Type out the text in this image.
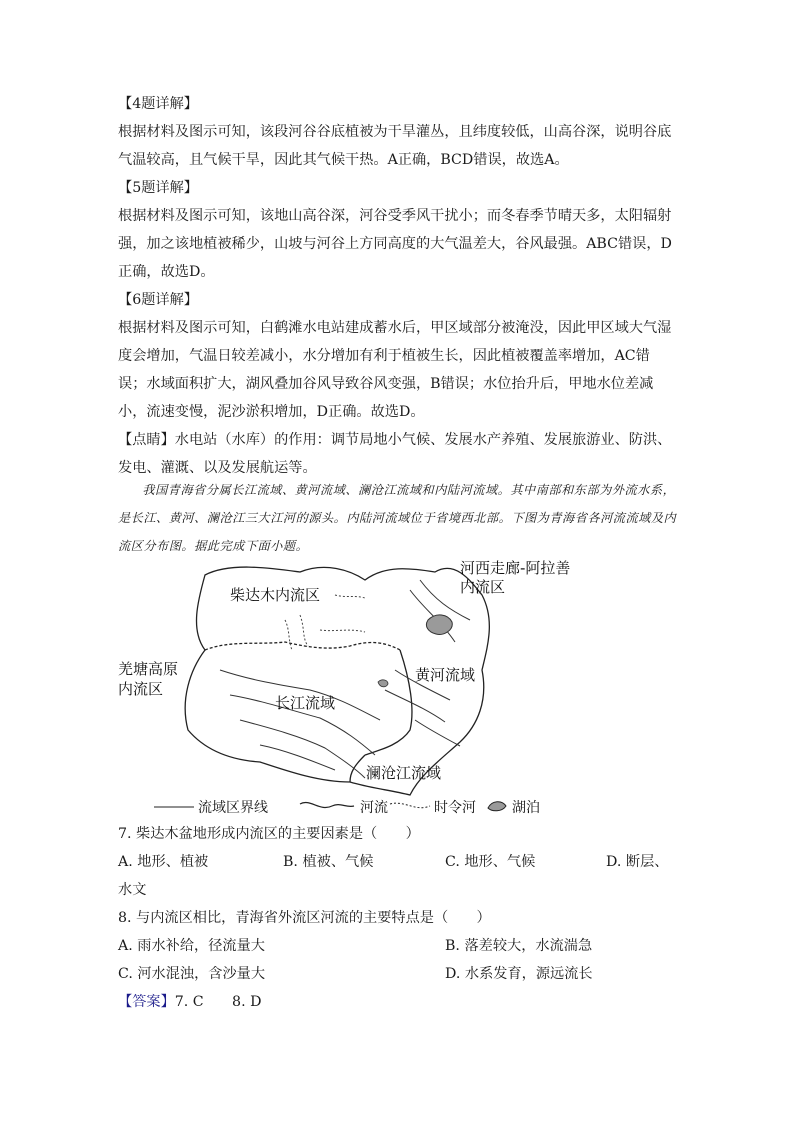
【4题详解】

根据材料及图示可知，该段河谷谷底植被为干旱灌丛，且纬度较低，山高谷深，说明谷底气温较高，且气候干旱，因此其气候干热。A正确，BCD错误，故选A。

【5题详解】

根据材料及图示可知，该地山高谷深，河谷受季风干扰小；而冬春季节晴天多，太阳辐射强，加之该地植被稀少，山坡与河谷上方同高度的大气温差大，谷风最强。ABC错误，D正确，故选D。

【6题详解】

根据材料及图示可知，白鹤滩水电站建成蓄水后，甲区域部分被淹没，因此甲区域大气湿度会增加，气温日较差减小，水分增加有利于植被生长，因此植被覆盖率增加，AC错误；水域面积扩大，湖风叠加谷风导致谷风变强，B错误；水位抬升后，甲地水位差减小，流速变慢，泥沙淤积增加，D正确。故选D。

【点睛】水电站（水库）的作用：调节局地小气候、发展水产养殖、发展旅游业、防洪、发电、灌溉、以及发展航运等。

我国青海省分属长江流域、黄河流域、澜沧江流域和内陆河流域。其中南部和东部为外流水系，是长江、黄河、澜沧江三大江河的源头。内陆河流域位于省境西北部。下图为青海省各河流流域及内流区分布图。据此完成下面小题。

柴达木内流区
河西走廊-阿拉善
内流区
羌塘高原
内流区
黄河流域
长江流域
澜沧江流域
流域区界线	河流	时令河	湖泊
7. 柴达木盆地形成内流区的主要因素是（　　）
A. 地形、植被	B. 植被、气候	C. 地形、气候	D. 断层、
水文
8. 与内流区相比，青海省外流区河流的主要特点是（　　）
A. 雨水补给，径流量大	B. 落差较大，水流湍急
C. 河水混浊，含沙量大	D. 水系发育，源远流长
【答案】7. C　　8. D
